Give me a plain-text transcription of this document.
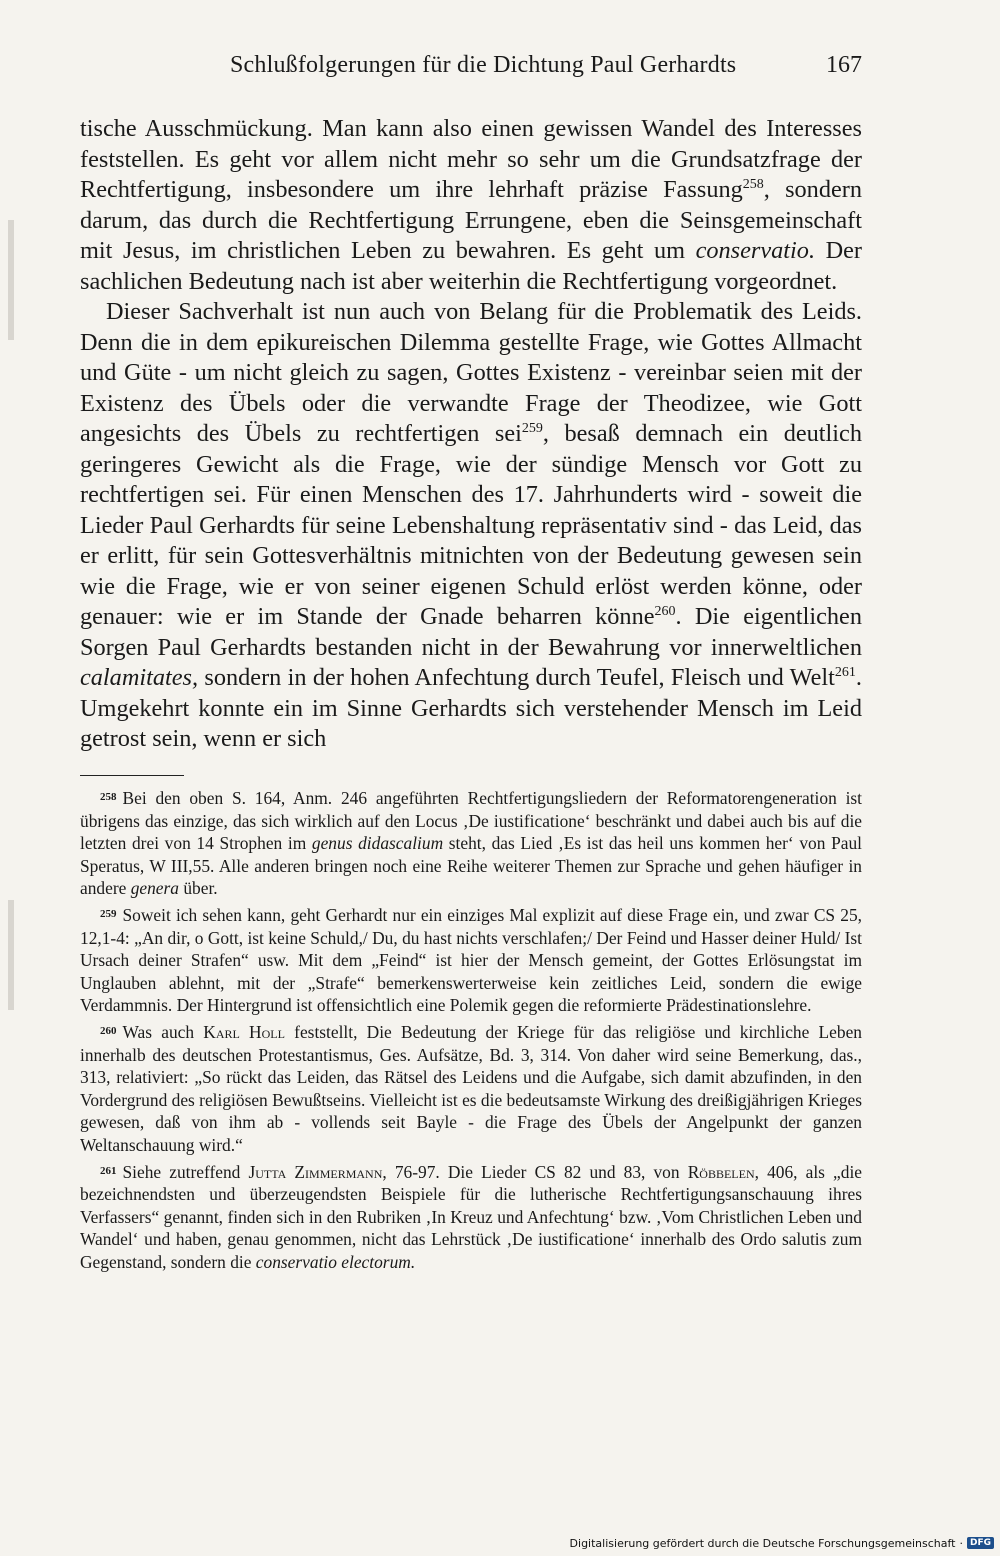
Schlußfolgerungen für die Dichtung Paul Gerhardts	167

tische Ausschmückung. Man kann also einen gewissen Wandel des Interesses feststellen. Es geht vor allem nicht mehr so sehr um die Grundsatzfrage der Rechtfertigung, insbesondere um ihre lehrhaft präzise Fassung$^{258}$, sondern darum, das durch die Rechtfertigung Errungene, eben die Seinsgemeinschaft mit Jesus, im christlichen Leben zu bewahren. Es geht um conservatio. Der sachlichen Bedeutung nach ist aber weiterhin die Rechtfertigung vorgeordnet.

Dieser Sachverhalt ist nun auch von Belang für die Problematik des Leids. Denn die in dem epikureischen Dilemma gestellte Frage, wie Gottes Allmacht und Güte - um nicht gleich zu sagen, Gottes Existenz - vereinbar seien mit der Existenz des Übels oder die verwandte Frage der Theodizee, wie Gott angesichts des Übels zu rechtfertigen sei$^{259}$, besaß demnach ein deutlich geringeres Gewicht als die Frage, wie der sündige Mensch vor Gott zu rechtfertigen sei. Für einen Menschen des 17. Jahrhunderts wird - soweit die Lieder Paul Gerhardts für seine Lebenshaltung repräsentativ sind - das Leid, das er erlitt, für sein Gottesverhältnis mitnichten von der Bedeutung gewesen sein wie die Frage, wie er von seiner eigenen Schuld erlöst werden könne, oder genauer: wie er im Stande der Gnade beharren könne$^{260}$. Die eigentlichen Sorgen Paul Gerhardts bestanden nicht in der Bewahrung vor innerweltlichen calamitates, sondern in der hohen Anfechtung durch Teufel, Fleisch und Welt$^{261}$. Umgekehrt konnte ein im Sinne Gerhardts sich verstehender Mensch im Leid getrost sein, wenn er sich

$^{258}$ Bei den oben S. 164, Anm. 246 angeführten Rechtfertigungsliedern der Reformatorengeneration ist übrigens das einzige, das sich wirklich auf den Locus ‚De iustificatione‘ beschränkt und dabei auch bis auf die letzten drei von 14 Strophen im genus didascalium steht, das Lied ‚Es ist das heil uns kommen her‘ von Paul Speratus, W III,55. Alle anderen bringen noch eine Reihe weiterer Themen zur Sprache und gehen häufiger in andere genera über.

$^{259}$ Soweit ich sehen kann, geht Gerhardt nur ein einziges Mal explizit auf diese Frage ein, und zwar CS 25, 12,1-4: „An dir, o Gott, ist keine Schuld,/ Du, du hast nichts verschlafen;/ Der Feind und Hasser deiner Huld/ Ist Ursach deiner Strafen“ usw. Mit dem „Feind“ ist hier der Mensch gemeint, der Gottes Erlösungstat im Unglauben ablehnt, mit der „Strafe“ bemerkenswerterweise kein zeitliches Leid, sondern die ewige Verdammnis. Der Hintergrund ist offensichtlich eine Polemik gegen die reformierte Prädestinationslehre.

$^{260}$ Was auch Karl Holl feststellt, Die Bedeutung der Kriege für das religiöse und kirchliche Leben innerhalb des deutschen Protestantismus, Ges. Aufsätze, Bd. 3, 314. Von daher wird seine Bemerkung, das., 313, relativiert: „So rückt das Leiden, das Rätsel des Leidens und die Aufgabe, sich damit abzufinden, in den Vordergrund des religiösen Bewußtseins. Vielleicht ist es die bedeutsamste Wirkung des dreißigjährigen Krieges gewesen, daß von ihm ab - vollends seit Bayle - die Frage des Übels der Angelpunkt der ganzen Weltanschauung wird.“

$^{261}$ Siehe zutreffend Jutta Zimmermann, 76-97. Die Lieder CS 82 und 83, von Röbbelen, 406, als „die bezeichnendsten und überzeugendsten Beispiele für die lutherische Rechtfertigungsanschauung ihres Verfassers“ genannt, finden sich in den Rubriken ‚In Kreuz und Anfechtung‘ bzw. ‚Vom Christlichen Leben und Wandel‘ und haben, genau genommen, nicht das Lehrstück ‚De iustificatione‘ innerhalb des Ordo salutis zum Gegenstand, sondern die conservatio electorum.

Digitalisierung gefördert durch die Deutsche Forschungsgemeinschaft · DFG
